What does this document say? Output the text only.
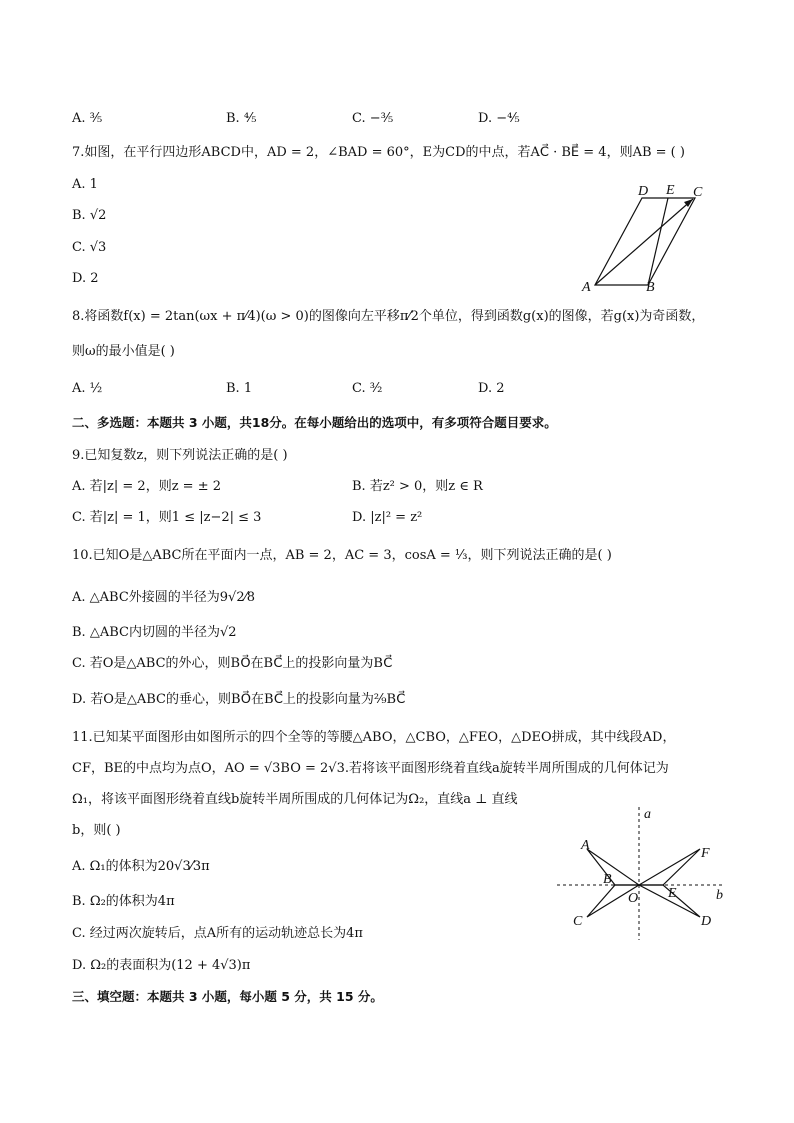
A. ³⁄₅	B. ⁴⁄₅	C. −³⁄₅	D. −⁴⁄₅
7.如图，在平行四边形ABCD中，AD = 2，∠BAD = 60°，E为CD的中点，若AC⃗ · BE⃗ = 4，则AB = ( )
A. 1
B. √2
C. √3
D. 2
A	B
C
D E
8.将函数f(x) = 2tan(ωx + π⁄4)(ω > 0)的图像向左平移π⁄2个单位，得到函数g(x)的图像，若g(x)为奇函数，
则ω的最小值是( )
A. ½	B. 1	C. ³⁄₂	D. 2
二、多选题：本题共 3 小题，共18分。在每小题给出的选项中，有多项符合题目要求。
9.已知复数z，则下列说法正确的是( )
A. 若|z| = 2，则z = ± 2	B. 若z² > 0，则z ∈ R
C. 若|z| = 1，则1 ≤ |z−2| ≤ 3	D. |z|² = z²
10.已知O是△ABC所在平面内一点，AB = 2，AC = 3，cosA = ⅓，则下列说法正确的是( )
A. △ABC外接圆的半径为9√2⁄8
B. △ABC内切圆的半径为√2
C. 若O是△ABC的外心，则BO⃗在BC⃗上的投影向量为BC⃗
D. 若O是△ABC的垂心，则BO⃗在BC⃗上的投影向量为²⁄₉BC⃗
11.已知某平面图形由如图所示的四个全等的等腰△ABO，△CBO，△FEO，△DEO拼成，其中线段AD，
CF，BE的中点均为点O，AO = √3BO = 2√3.若将该平面图形绕着直线a旋转半周所围成的几何体记为
Ω₁，将该平面图形绕着直线b旋转半周所围成的几何体记为Ω₂，直线a ⊥ 直线
b，则( )
A. Ω₁的体积为20√3⁄3π
B. Ω₂的体积为4π
C. 经过两次旋转后，点A所有的运动轨迹总长为4π
D. Ω₂的表面积为(12 + 4√3)π
A
B
C	D
E
F
O
a
b
三、填空题：本题共 3 小题，每小题 5 分，共 15 分。
